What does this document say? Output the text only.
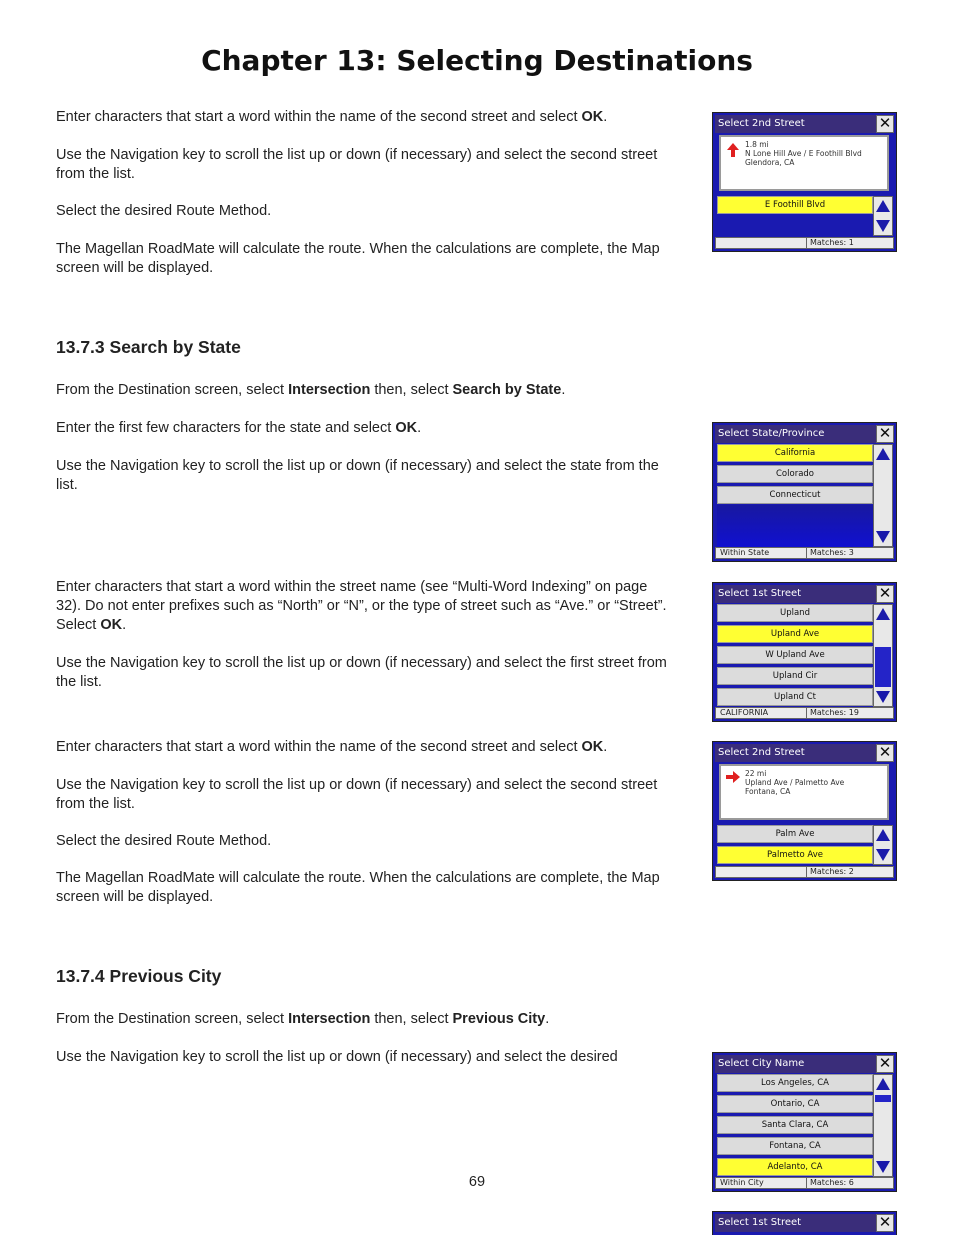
Chapter 13: Selecting Destinations

Enter characters that start a word within the name of the second street and select OK.

Use the Navigation key to scroll the list up or down (if necessary) and select the second street from the list.

Select the desired Route Method.

The Magellan RoadMate will calculate the route. When the calculations are complete, the Map screen will be displayed.

13.7.3 Search by State

From the Destination screen, select Intersection then, select Search by State.

Enter the first few characters for the state and select OK.

Use the Navigation key to scroll the list up or down (if necessary) and select the state from the list.

Enter characters that start a word within the street name (see “Multi-Word Indexing” on page 32). Do not enter prefixes such as “North” or “N”, or the type of street such as “Ave.” or “Street”. Select OK.

Use the Navigation key to scroll the list up or down (if necessary) and select the first street from the list.

Enter characters that start a word within the name of the second street and select OK.

Use the Navigation key to scroll the list up or down (if necessary) and select the second street from the list.

Select the desired Route Method.

The Magellan RoadMate will calculate the route. When the calculations are complete, the Map screen will be displayed.

13.7.4 Previous City

From the Destination screen, select Intersection then, select Previous City.

Use the Navigation key to scroll the list up or down (if necessary) and select the desired

69
Select 2nd Street	✕
1.8 mi
N Lone Hill Ave / E Foothill Blvd
Glendora, CA
E Foothill Blvd
Matches: 1
Select State/Province	✕
California
Colorado
Connecticut
Within State	Matches: 3
Select 1st Street	✕
Upland
Upland Ave
W Upland Ave
Upland Cir
Upland Ct
CALIFORNIA	Matches: 19
Select 2nd Street	✕
22 mi
Upland Ave / Palmetto Ave
Fontana, CA
Palm Ave
Palmetto Ave
Matches: 2
Select City Name	✕
Los Angeles, CA
Ontario, CA
Santa Clara, CA
Fontana, CA
Adelanto, CA
Within City	Matches: 6
Select 1st Street	✕
